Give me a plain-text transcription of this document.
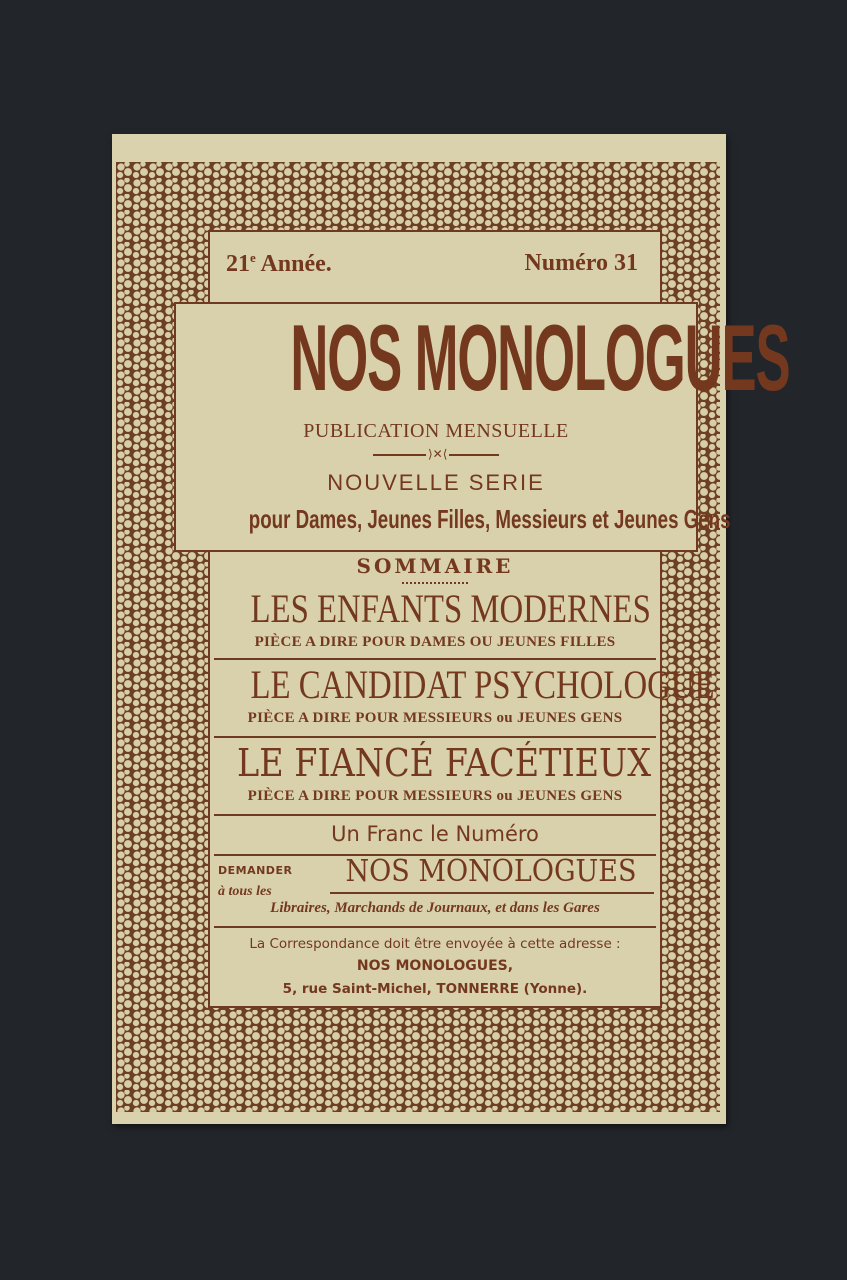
21e Année.	Numéro 31
NOS MONOLOGUES
PUBLICATION MENSUELLE
⟩✕⟨
NOUVELLE SERIE
pour Dames, Jeunes Filles, Messieurs et Jeunes Gens
SOMMAIRE
LES ENFANTS MODERNES
PIÈCE A DIRE POUR DAMES OU JEUNES FILLES
LE CANDIDAT PSYCHOLOGUE
PIÈCE A DIRE POUR MESSIEURS ou JEUNES GENS
LE FIANCÉ FACÉTIEUX
PIÈCE A DIRE POUR MESSIEURS ou JEUNES GENS
Un Franc le Numéro
DEMANDER
à tous les
NOS MONOLOGUES
Libraires, Marchands de Journaux, et dans les Gares
La Correspondance doit être envoyée à cette adresse :
NOS MONOLOGUES,
5, rue Saint-Michel, TONNERRE (Yonne).
